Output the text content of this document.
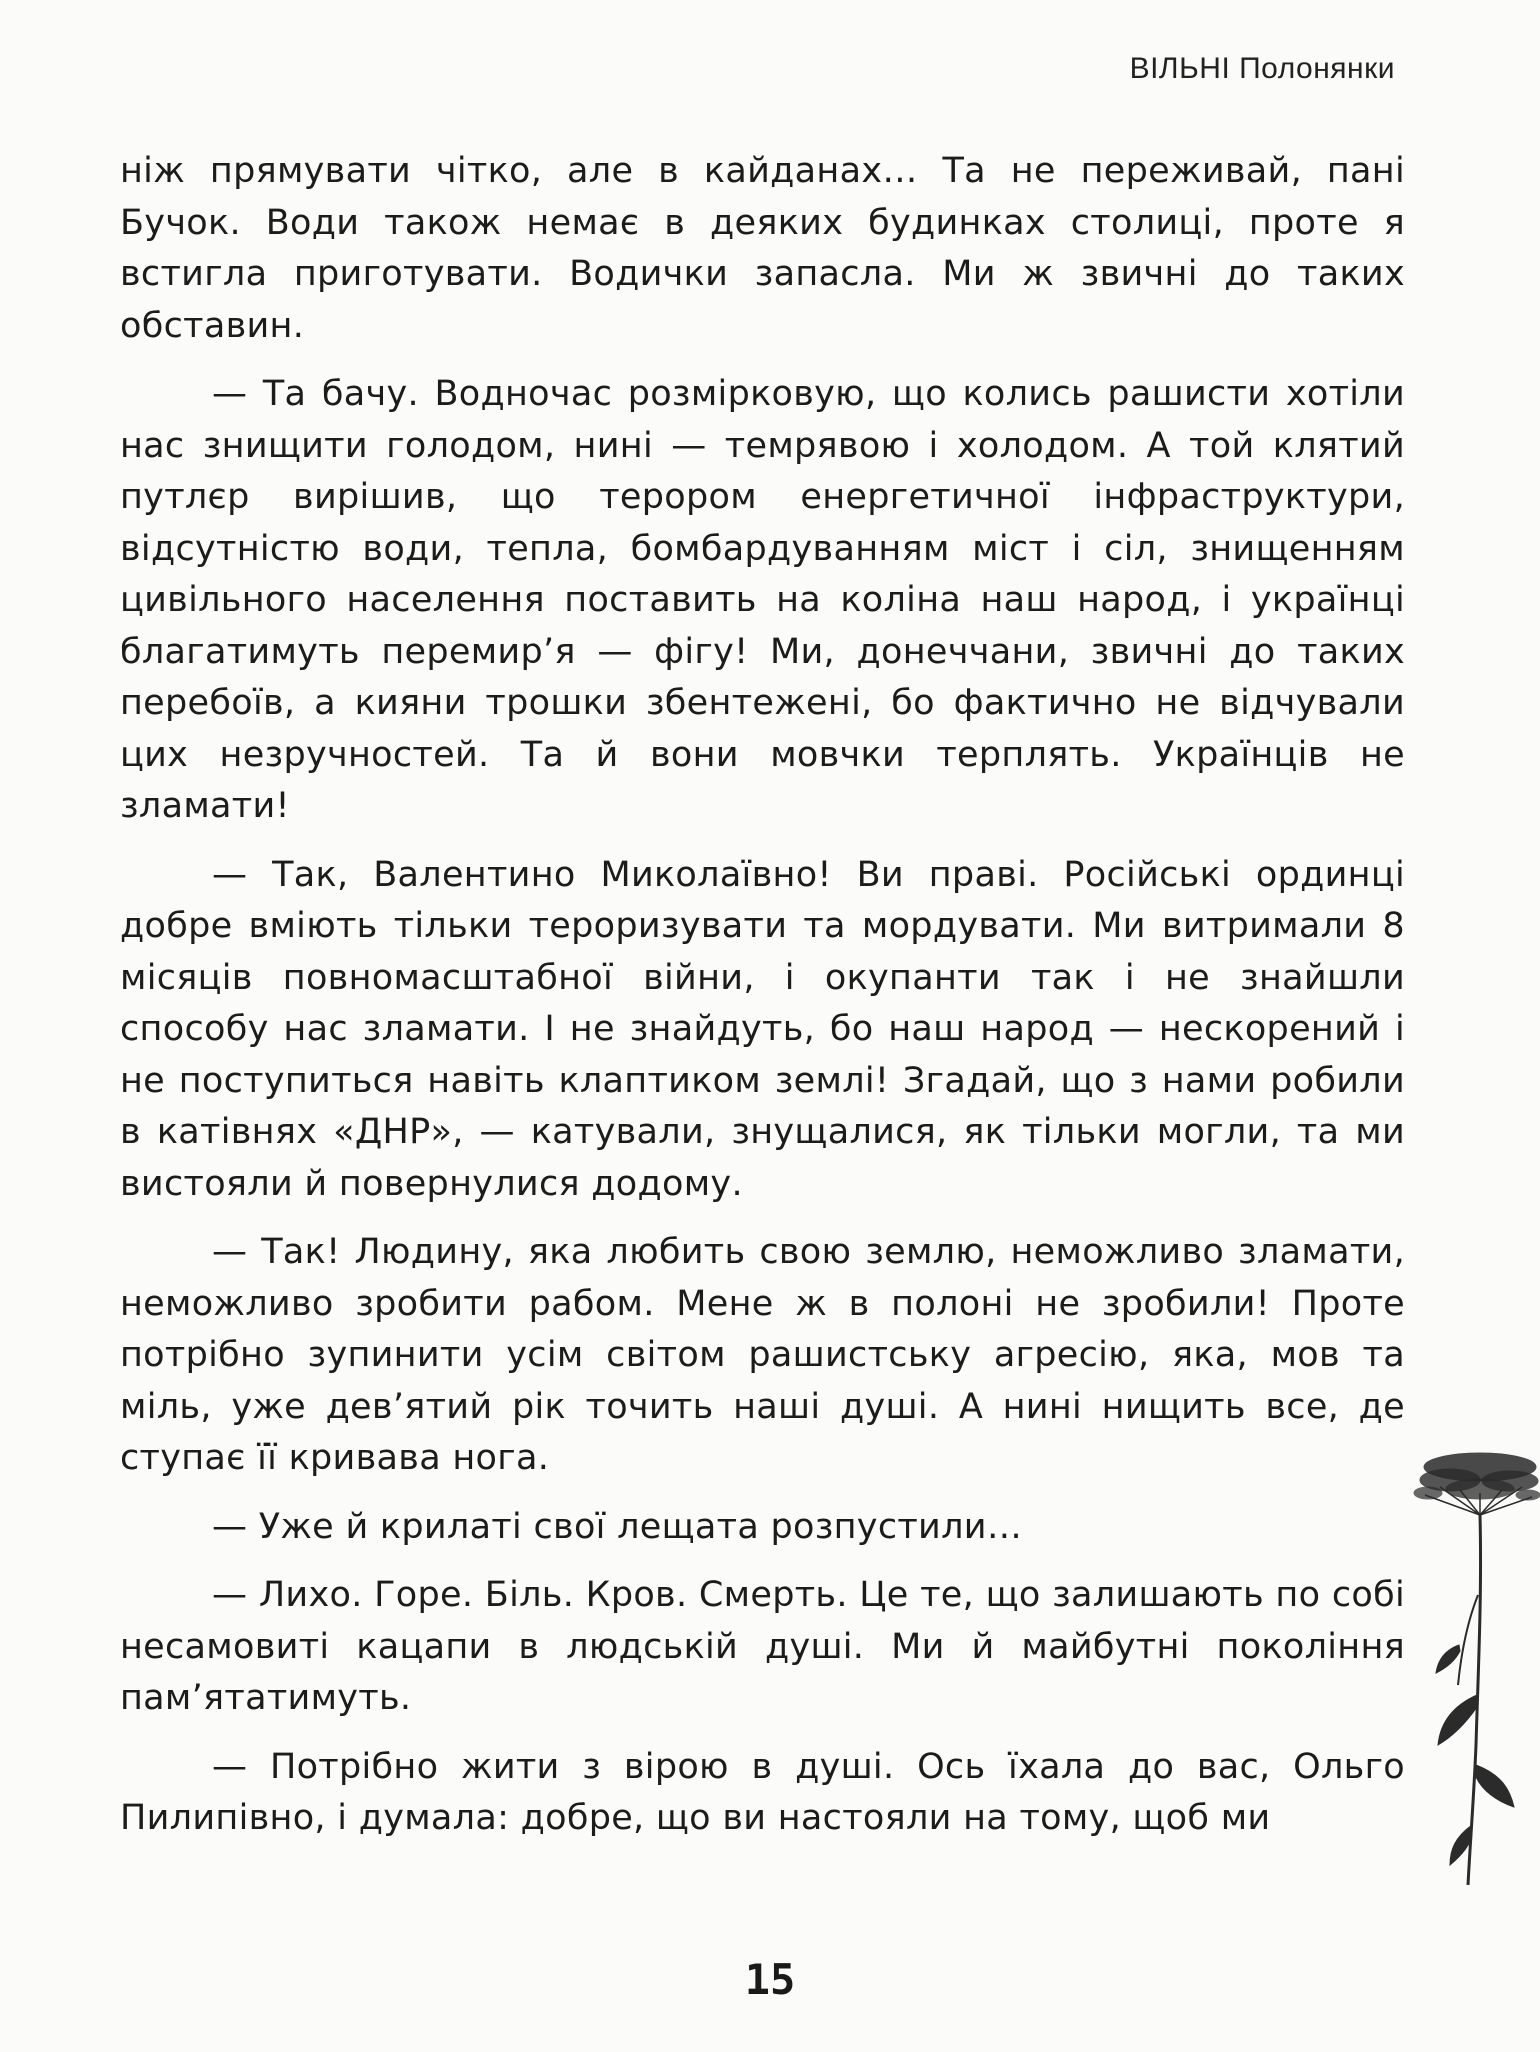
ВІЛЬНІ Полонянки

ніж прямувати чітко, але в кайданах… Та не переживай, пані Бучок. Води також немає в деяких будинках столиці, проте я встигла приготувати. Водички запасла. Ми ж звичні до таких обставин.

— Та бачу. Водночас розмірковую, що колись рашисти хотіли нас знищити голодом, нині — темрявою і холодом. А той клятий путлєр вирішив, що терором енергетичної інфраструктури, відсутністю води, тепла, бомбардуванням міст і сіл, знищенням цивільного населення поставить на коліна наш народ, і українці благатимуть перемир’я — фігу! Ми, донеччани, звичні до таких перебоїв, а кияни трошки збентежені, бо фактично не відчували цих незручностей. Та й вони мовчки терплять. Українців не зламати!

— Так, Валентино Миколаївно! Ви праві. Російські ординці добре вміють тільки тероризувати та мордувати. Ми витримали 8 місяців повномасштабної війни, і окупанти так і не знайшли способу нас зламати. І не знайдуть, бо наш народ — нескорений і не поступиться навіть клаптиком землі! Згадай, що з нами робили в катівнях «ДНР», — катували, знущалися, як тільки могли, та ми вистояли й повернулися додому.

— Так! Людину, яка любить свою землю, неможливо зламати, неможливо зробити рабом. Мене ж в полоні не зробили! Проте потрібно зупинити усім світом рашистську агресію, яка, мов та міль, уже дев’ятий рік точить наші душі. А нині нищить все, де ступає її кривава нога.

— Уже й крилаті свої лещата розпустили…

— Лихо. Горе. Біль. Кров. Смерть. Це те, що залишають по собі несамовиті кацапи в людській душі. Ми й майбутні покоління пам’ятатимуть.

— Потрібно жити з вірою в душі. Ось їхала до вас, Ольго Пилипівно, і думала: добре, що ви настояли на тому, щоб ми

15
